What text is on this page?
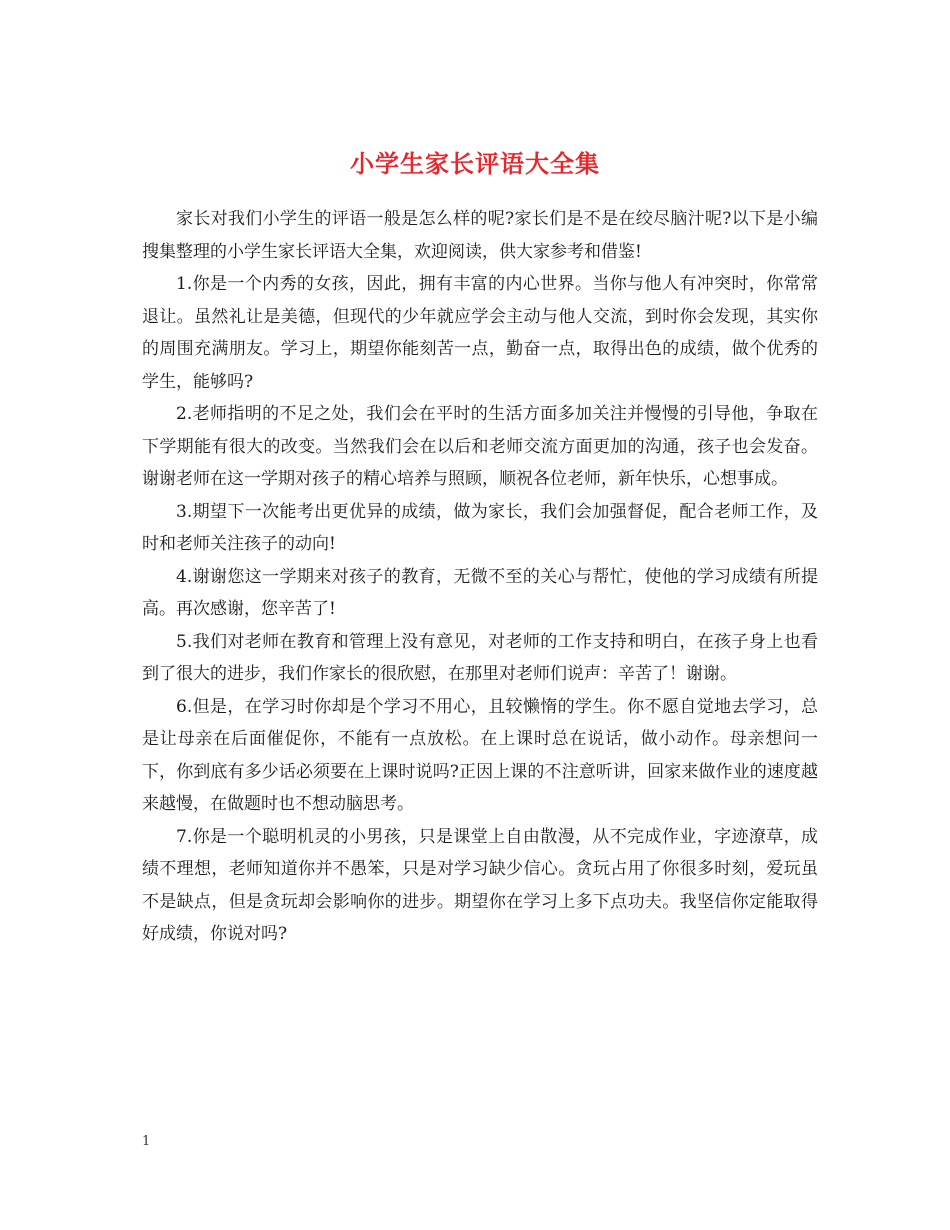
小学生家长评语大全集

家长对我们小学生的评语一般是怎么样的呢?家长们是不是在绞尽脑汁呢?以下是小编搜集整理的小学生家长评语大全集，欢迎阅读，供大家参考和借鉴!

1.你是一个内秀的女孩，因此，拥有丰富的内心世界。当你与他人有冲突时，你常常退让。虽然礼让是美德，但现代的少年就应学会主动与他人交流，到时你会发现，其实你的周围充满朋友。学习上，期望你能刻苦一点，勤奋一点，取得出色的成绩，做个优秀的学生，能够吗?

2.老师指明的不足之处，我们会在平时的生活方面多加关注并慢慢的引导他，争取在下学期能有很大的改变。当然我们会在以后和老师交流方面更加的沟通，孩子也会发奋。谢谢老师在这一学期对孩子的精心培养与照顾，顺祝各位老师，新年快乐，心想事成。

3.期望下一次能考出更优异的成绩，做为家长，我们会加强督促，配合老师工作，及时和老师关注孩子的动向!

4.谢谢您这一学期来对孩子的教育，无微不至的关心与帮忙，使他的学习成绩有所提高。再次感谢，您辛苦了!

5.我们对老师在教育和管理上没有意见，对老师的工作支持和明白，在孩子身上也看到了很大的进步，我们作家长的很欣慰，在那里对老师们说声：辛苦了！谢谢。

6.但是，在学习时你却是个学习不用心，且较懒惰的学生。你不愿自觉地去学习，总是让母亲在后面催促你，不能有一点放松。在上课时总在说话，做小动作。母亲想问一下，你到底有多少话必须要在上课时说吗?正因上课的不注意听讲，回家来做作业的速度越来越慢，在做题时也不想动脑思考。

7.你是一个聪明机灵的小男孩，只是课堂上自由散漫，从不完成作业，字迹潦草，成绩不理想，老师知道你并不愚笨，只是对学习缺少信心。贪玩占用了你很多时刻，爱玩虽不是缺点，但是贪玩却会影响你的进步。期望你在学习上多下点功夫。我坚信你定能取得好成绩，你说对吗?

1
